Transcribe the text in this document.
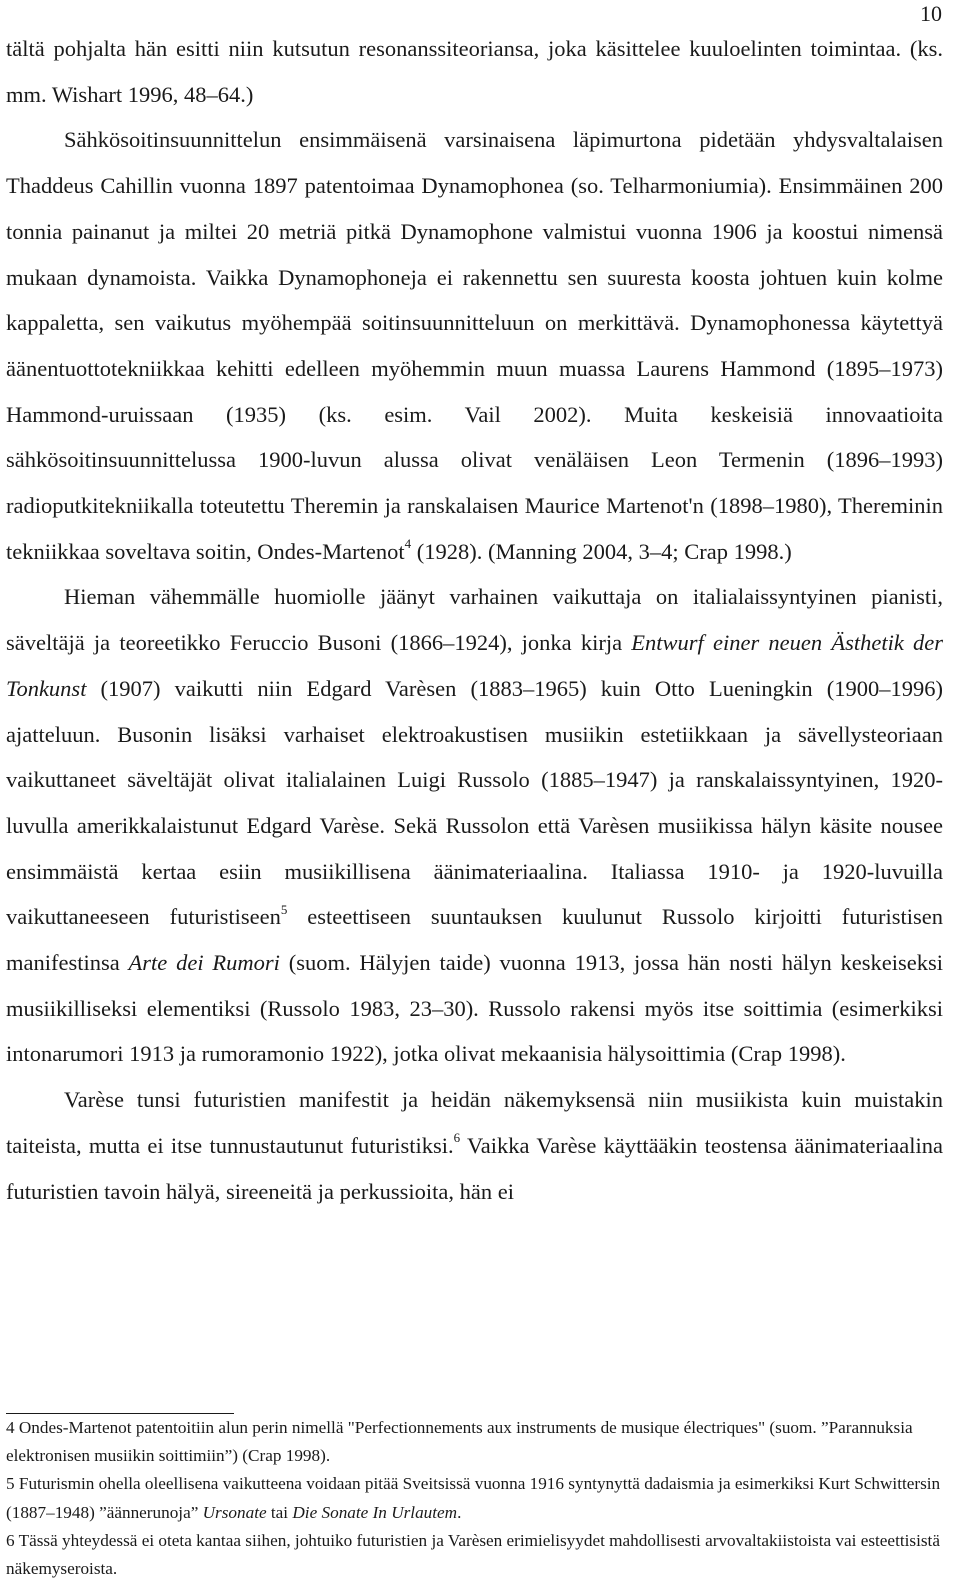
10

tältä pohjalta hän esitti niin kutsutun resonanssiteoriansa, joka käsittelee kuuloelinten toimintaa. (ks. mm. Wishart 1996, 48–64.)

Sähkösoitinsuunnittelun ensimmäisenä varsinaisena läpimurtona pidetään yhdysvaltalaisen Thaddeus Cahillin vuonna 1897 patentoimaa Dynamophonea (so. Telharmoniumia). Ensimmäinen 200 tonnia painanut ja miltei 20 metriä pitkä Dynamophone valmistui vuonna 1906 ja koostui nimensä mukaan dynamoista. Vaikka Dynamophoneja ei rakennettu sen suuresta koosta johtuen kuin kolme kappaletta, sen vaikutus myöhempää soitinsuunnitteluun on merkittävä. Dynamophonessa käytettyä äänentuottotekniikkaa kehitti edelleen myöhemmin muun muassa Laurens Hammond (1895–1973) Hammond-uruissaan (1935) (ks. esim. Vail 2002). Muita keskeisiä innovaatioita sähkösoitinsuunnittelussa 1900-luvun alussa olivat venäläisen Leon Termenin (1896–1993) radioputkitekniikalla toteutettu Theremin ja ranskalaisen Maurice Martenot'n (1898–1980), Thereminin tekniikkaa soveltava soitin, Ondes-Martenot$^4$ (1928). (Manning 2004, 3–4; Crap 1998.)

Hieman vähemmälle huomiolle jäänyt varhainen vaikuttaja on italialaissyntyinen pianisti, säveltäjä ja teoreetikko Feruccio Busoni (1866–1924), jonka kirja Entwurf einer neuen Ästhetik der Tonkunst (1907) vaikutti niin Edgard Varèsen (1883–1965) kuin Otto Lueningkin (1900–1996) ajatteluun. Busonin lisäksi varhaiset elektroakustisen musiikin estetiikkaan ja sävellysteoriaan vaikuttaneet säveltäjät olivat italialainen Luigi Russolo (1885–1947) ja ranskalaissyntyinen, 1920-luvulla amerikkalaistunut Edgard Varèse. Sekä Russolon että Varèsen musiikissa hälyn käsite nousee ensimmäistä kertaa esiin musiikillisena äänimateriaalina. Italiassa 1910- ja 1920-luvuilla vaikuttaneeseen futuristiseen$^5$ esteettiseen suuntauksen kuulunut Russolo kirjoitti futuristisen manifestinsa Arte dei Rumori (suom. Hälyjen taide) vuonna 1913, jossa hän nosti hälyn keskeiseksi musiikilliseksi elementiksi (Russolo 1983, 23–30). Russolo rakensi myös itse soittimia (esimerkiksi intonarumori 1913 ja rumoramonio 1922), jotka olivat mekaanisia hälysoittimia (Crap 1998).

Varèse tunsi futuristien manifestit ja heidän näkemyksensä niin musiikista kuin muistakin taiteista, mutta ei itse tunnustautunut futuristiksi.$^6$ Vaikka Varèse käyttääkin teostensa äänimateriaalina futuristien tavoin hälyä, sireeneitä ja perkussioita, hän ei

4 Ondes-Martenot patentoitiin alun perin nimellä "Perfectionnements aux instruments de musique électriques" (suom. ”Parannuksia elektronisen musiikin soittimiin”) (Crap 1998).

5 Futurismin ohella oleellisena vaikutteena voidaan pitää Sveitsissä vuonna 1916 syntynyttä dadaismia ja esimerkiksi Kurt Schwittersin (1887–1948) ”äännerunoja” Ursonate tai Die Sonate In Urlautem.

6 Tässä yhteydessä ei oteta kantaa siihen, johtuiko futuristien ja Varèsen erimielisyydet mahdollisesti arvovaltakiistoista vai esteettisistä näkemyseroista.
